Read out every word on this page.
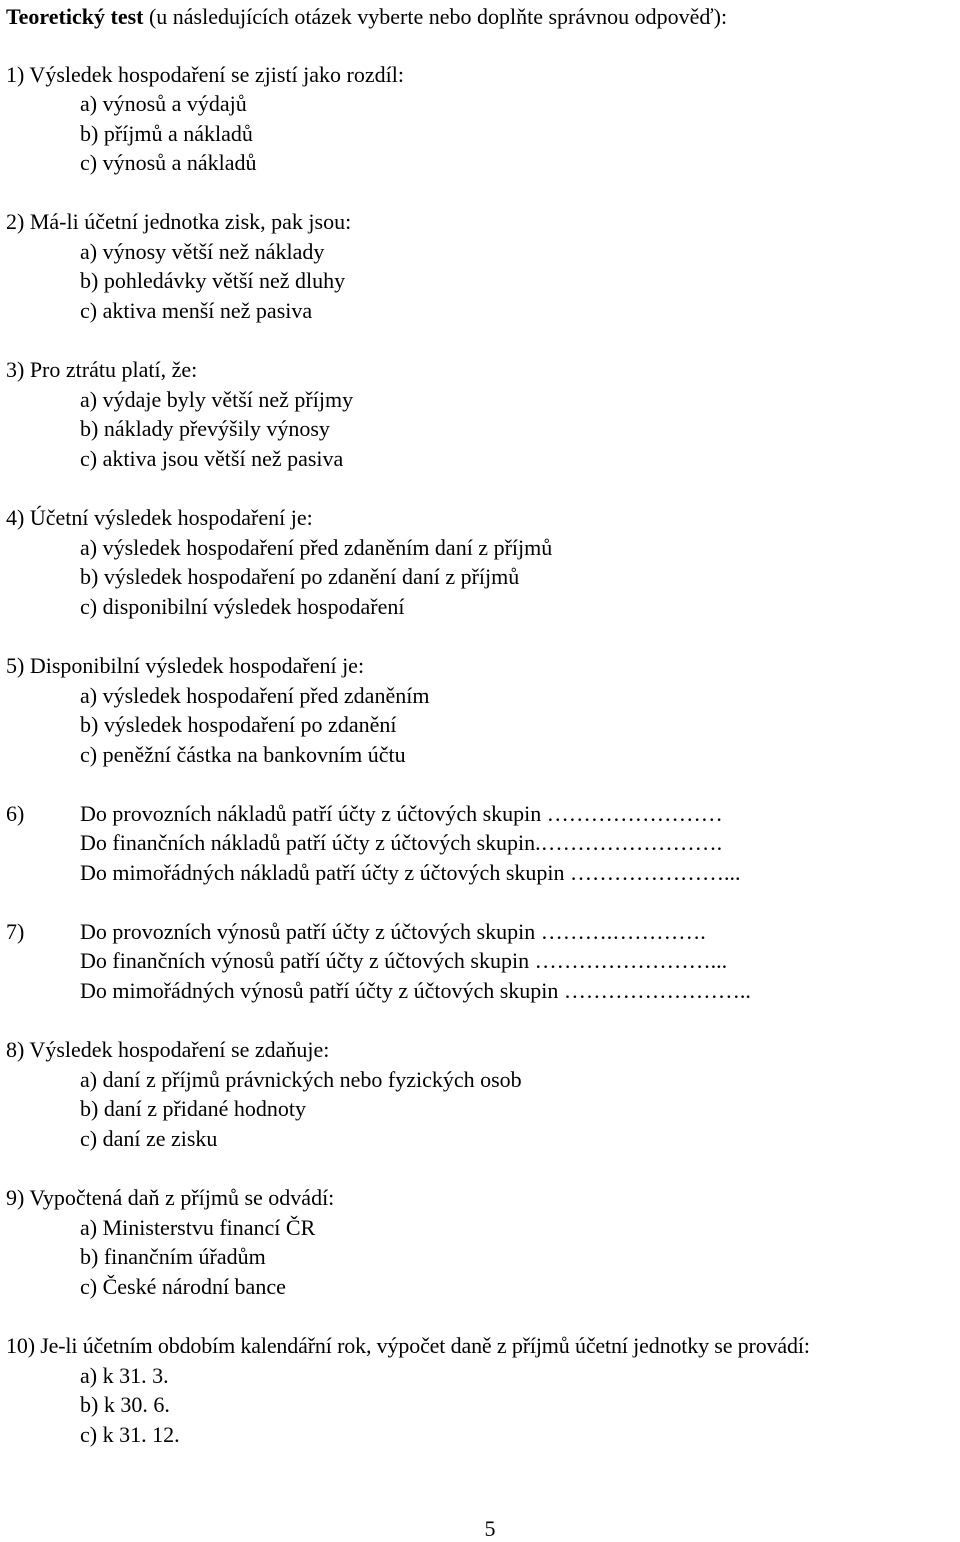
Teoretický test (u následujících otázek vyberte nebo doplňte správnou odpověď):
1) Výsledek hospodaření se zjistí jako rozdíl:
a) výnosů a výdajů
b) příjmů a nákladů
c) výnosů a nákladů
2) Má-li účetní jednotka zisk, pak jsou:
a) výnosy větší než náklady
b) pohledávky větší než dluhy
c) aktiva menší než pasiva
3) Pro ztrátu platí, že:
a) výdaje byly větší než příjmy
b) náklady převýšily výnosy
c) aktiva jsou větší než pasiva
4) Účetní výsledek hospodaření je:
a) výsledek hospodaření před zdaněním daní z příjmů
b) výsledek hospodaření po zdanění daní z příjmů
c) disponibilní výsledek hospodaření
5) Disponibilní výsledek hospodaření je:
a) výsledek hospodaření před zdaněním
b) výsledek hospodaření po zdanění
c) peněžní částka na bankovním účtu
6)	Do provozních nákladů patří účty z účtových skupin ……………………
Do finančních nákladů patří účty z účtových skupin.…………………….
Do mimořádných nákladů patří účty z účtových skupin …………………...
7)	Do provozních výnosů patří účty z účtových skupin ……….………….
Do finančních výnosů patří účty z účtových skupin ……………………...
Do mimořádných výnosů patří účty z účtových skupin ……………………..
8) Výsledek hospodaření se zdaňuje:
a) daní z příjmů právnických nebo fyzických osob
b) daní z přidané hodnoty
c) daní ze zisku
9) Vypočtená daň z příjmů se odvádí:
a) Ministerstvu financí ČR
b) finančním úřadům
c) České národní bance
10) Je-li účetním obdobím kalendářní rok, výpočet daně z příjmů účetní jednotky se provádí:
a) k 31. 3.
b) k 30. 6.
c) k 31. 12.
5
